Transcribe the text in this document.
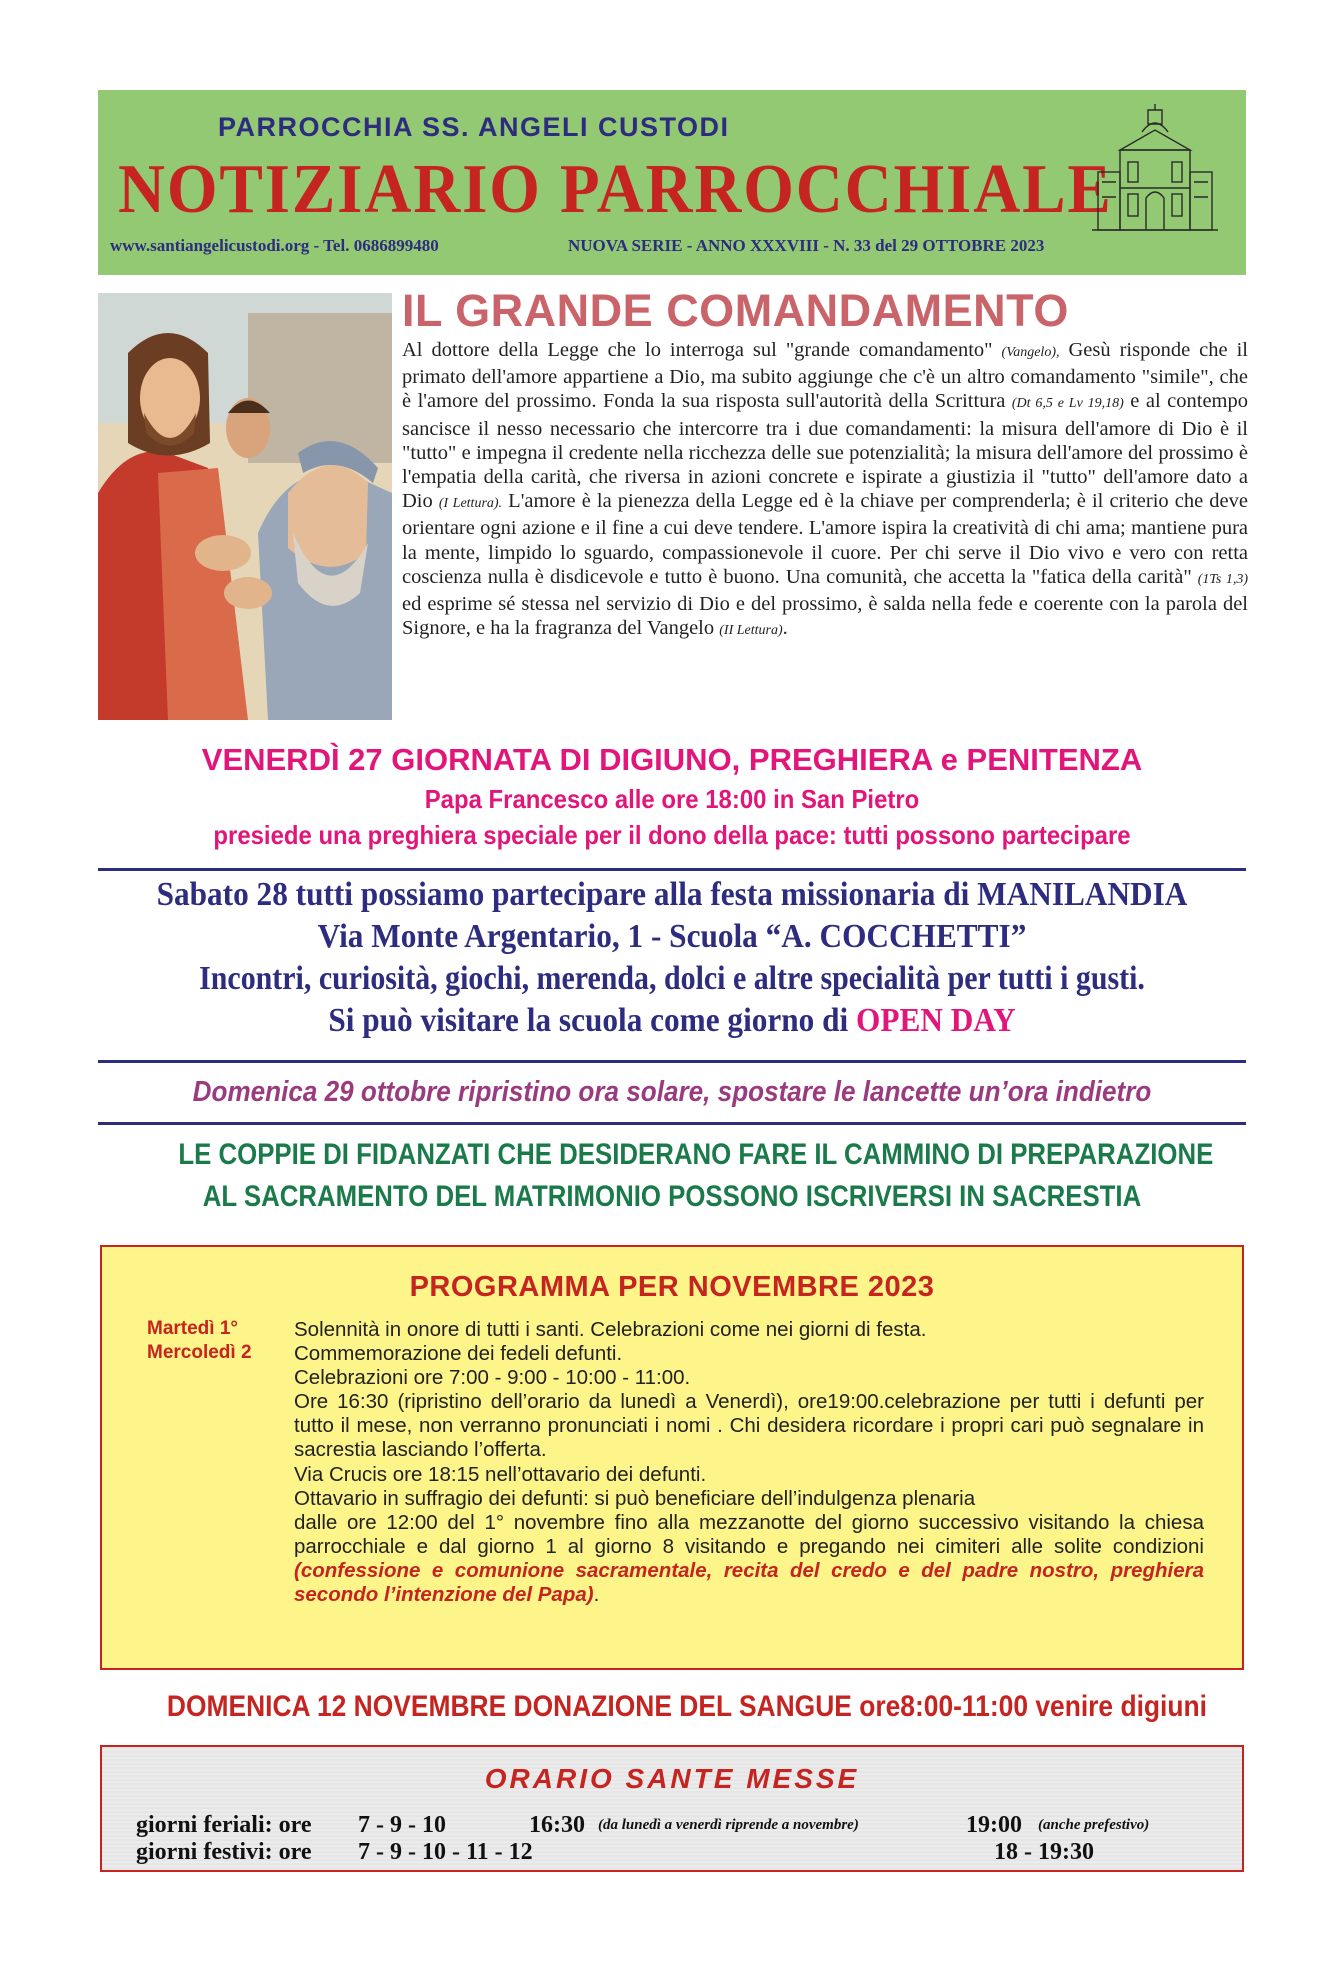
PARROCCHIA SS. ANGELI CUSTODI
NOTIZIARIO PARROCCHIALE
www.santiangelicustodi.org - Tel. 0686899480	NUOVA SERIE - ANNO XXXVIII - N. 33 del 29 OTTOBRE 2023
IL GRANDE COMANDAMENTO
Al dottore della Legge che lo interroga sul "grande comandamento" (Vangelo), Gesù risponde che il primato dell'amore appartiene a Dio, ma subito aggiunge che c'è un altro comandamento "simile", che è l'amore del prossimo. Fonda la sua risposta sull'autorità della Scrittura (Dt 6,5 e Lv 19,18) e al contempo sancisce il nesso necessario che intercorre tra i due comandamenti: la misura dell'amore di Dio è il "tutto" e impegna il credente nella ricchezza delle sue potenzialità; la misura dell'amore del prossimo è l'empatia della carità, che riversa in azioni concrete e ispirate a giustizia il "tutto" dell'amore dato a Dio (I Lettura). L'amore è la pienezza della Legge ed è la chiave per comprenderla; è il criterio che deve orientare ogni azione e il fine a cui deve tendere. L'amore ispira la creatività di chi ama; mantiene pura la mente, limpido lo sguardo, compassionevole il cuore. Per chi serve il Dio vivo e vero con retta coscienza nulla è disdicevole e tutto è buono. Una comunità, che accetta la "fatica della carità" (1Ts 1,3) ed esprime sé stessa nel servizio di Dio e del prossimo, è salda nella fede e coerente con la parola del Signore, e ha la fragranza del Vangelo (II Lettura).
VENERDÌ 27 GIORNATA DI DIGIUNO, PREGHIERA e PENITENZA
Papa Francesco alle ore 18:00 in San Pietro
presiede una preghiera speciale per il dono della pace: tutti possono partecipare
Sabato 28 tutti possiamo partecipare alla festa missionaria di MANILANDIA
Via Monte Argentario, 1 - Scuola “A. COCCHETTI”
Incontri, curiosità, giochi, merenda, dolci e altre specialità per tutti i gusti.
Si può visitare la scuola come giorno di OPEN DAY
Domenica 29 ottobre ripristino ora solare, spostare le lancette un’ora indietro
LE COPPIE DI FIDANZATI CHE DESIDERANO FARE IL CAMMINO DI PREPARAZIONE
AL SACRAMENTO DEL MATRIMONIO POSSONO ISCRIVERSI IN SACRESTIA
PROGRAMMA PER NOVEMBRE 2023
Martedì 1°
Mercoledì 2
Solennità in onore di tutti i santi. Celebrazioni come nei giorni di festa.
Commemorazione dei fedeli defunti.
Celebrazioni ore 7:00 - 9:00 - 10:00 - 11:00.
Ore 16:30 (ripristino dell’orario da lunedì a Venerdì), ore19:00.celebrazione per tutti i defunti per tutto il mese, non verranno pronunciati i nomi . Chi desidera ricordare i propri cari può segnalare in sacrestia lasciando l’offerta.
Via Crucis ore 18:15 nell’ottavario dei defunti.
Ottavario in suffragio dei defunti: si può beneficiare dell’indulgenza plenaria
dalle ore 12:00 del 1° novembre fino alla mezzanotte del giorno successivo visitando la chiesa parrocchiale e dal giorno 1 al giorno 8 visitando e pregando nei cimiteri alle solite condizioni (confessione e comunione sacramentale, recita del credo e del padre nostro, preghiera secondo l’intenzione del Papa).
DOMENICA 12 NOVEMBRE DONAZIONE DEL SANGUE ore8:00-11:00 venire digiuni
ORARIO SANTE MESSE
giorni feriali: ore 7 - 9 - 10	16:30 (da lunedì a venerdì riprende a novembre)	19:00 (anche prefestivo)
giorni festivi: ore 7 - 9 - 10 - 11 - 12	18 - 19:30
